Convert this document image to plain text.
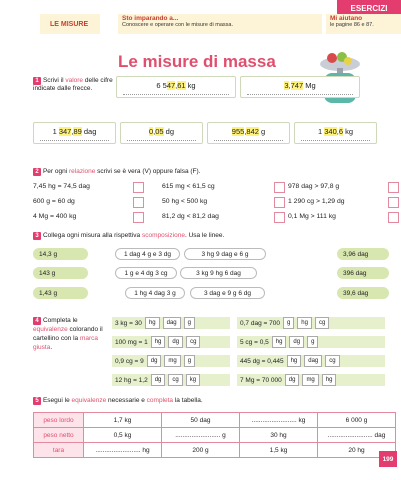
ESERCIZI
LE MISURE
Sto imparando a...
Conoscere e operare con le misure di massa.
Mi aiutano
le pagine 86 e 87.
Le misure di massa
1 Scrivi il valore delle cifre indicate dalle frecce.	6 547 61 kg	3,747 Mg
1 347 89 dag	0 05 dg	955 842 g	1 340,6 kg
2 Per ogni relazione scrivi se è vera (V) oppure falsa (F).
7,45 hg = 74,5 dag
600 g = 60 dg
4 Mg = 400 kg
615 mg < 61,5 cg
50 hg < 500 kg
81,2 dg < 81,2 dag
978 dag > 97,8 g
1 290 cg > 1,29 dg
0,1 Mg > 111 kg
3 Collega ogni misura alla rispettiva scomposizione. Usa le linee.
14,3 g	3,96 dag
143 g	396 dag
1,43 g	39,6 dag
1 dag 4 g e 3 dg	3 hg 9 dag e 6 g
1 g e 4 dg 3 cg	3 kg 9 hg 6 dag
1 hg 4 dag 3 g	3 dag e 9 g 6 dg
4 Completa le equivalenze colorando il cartellino con la marca giusta.
3 kg = 30	hg	dag	g
100 mg = 1	hg	dg	cg
0,9 cg = 9	dg	mg	g
12 hg = 1,2	dg	cg	kg
0,7 dag = 700	g	hg	cg
5 cg = 0,5	hg	dg	g
445 dg = 0,445	hg	dag	cg
7 Mg = 70 000	dg	mg	hg
5 Esegui le equivalenze necessarie e completa la tabella.
peso lordo	1,7 kg	50 dag	......................... kg	6 000 g
peso netto	0,5 kg	......................... g	30 hg	......................... dag
tara	......................... hg	200 g	1,5 kg	20 hg
199
